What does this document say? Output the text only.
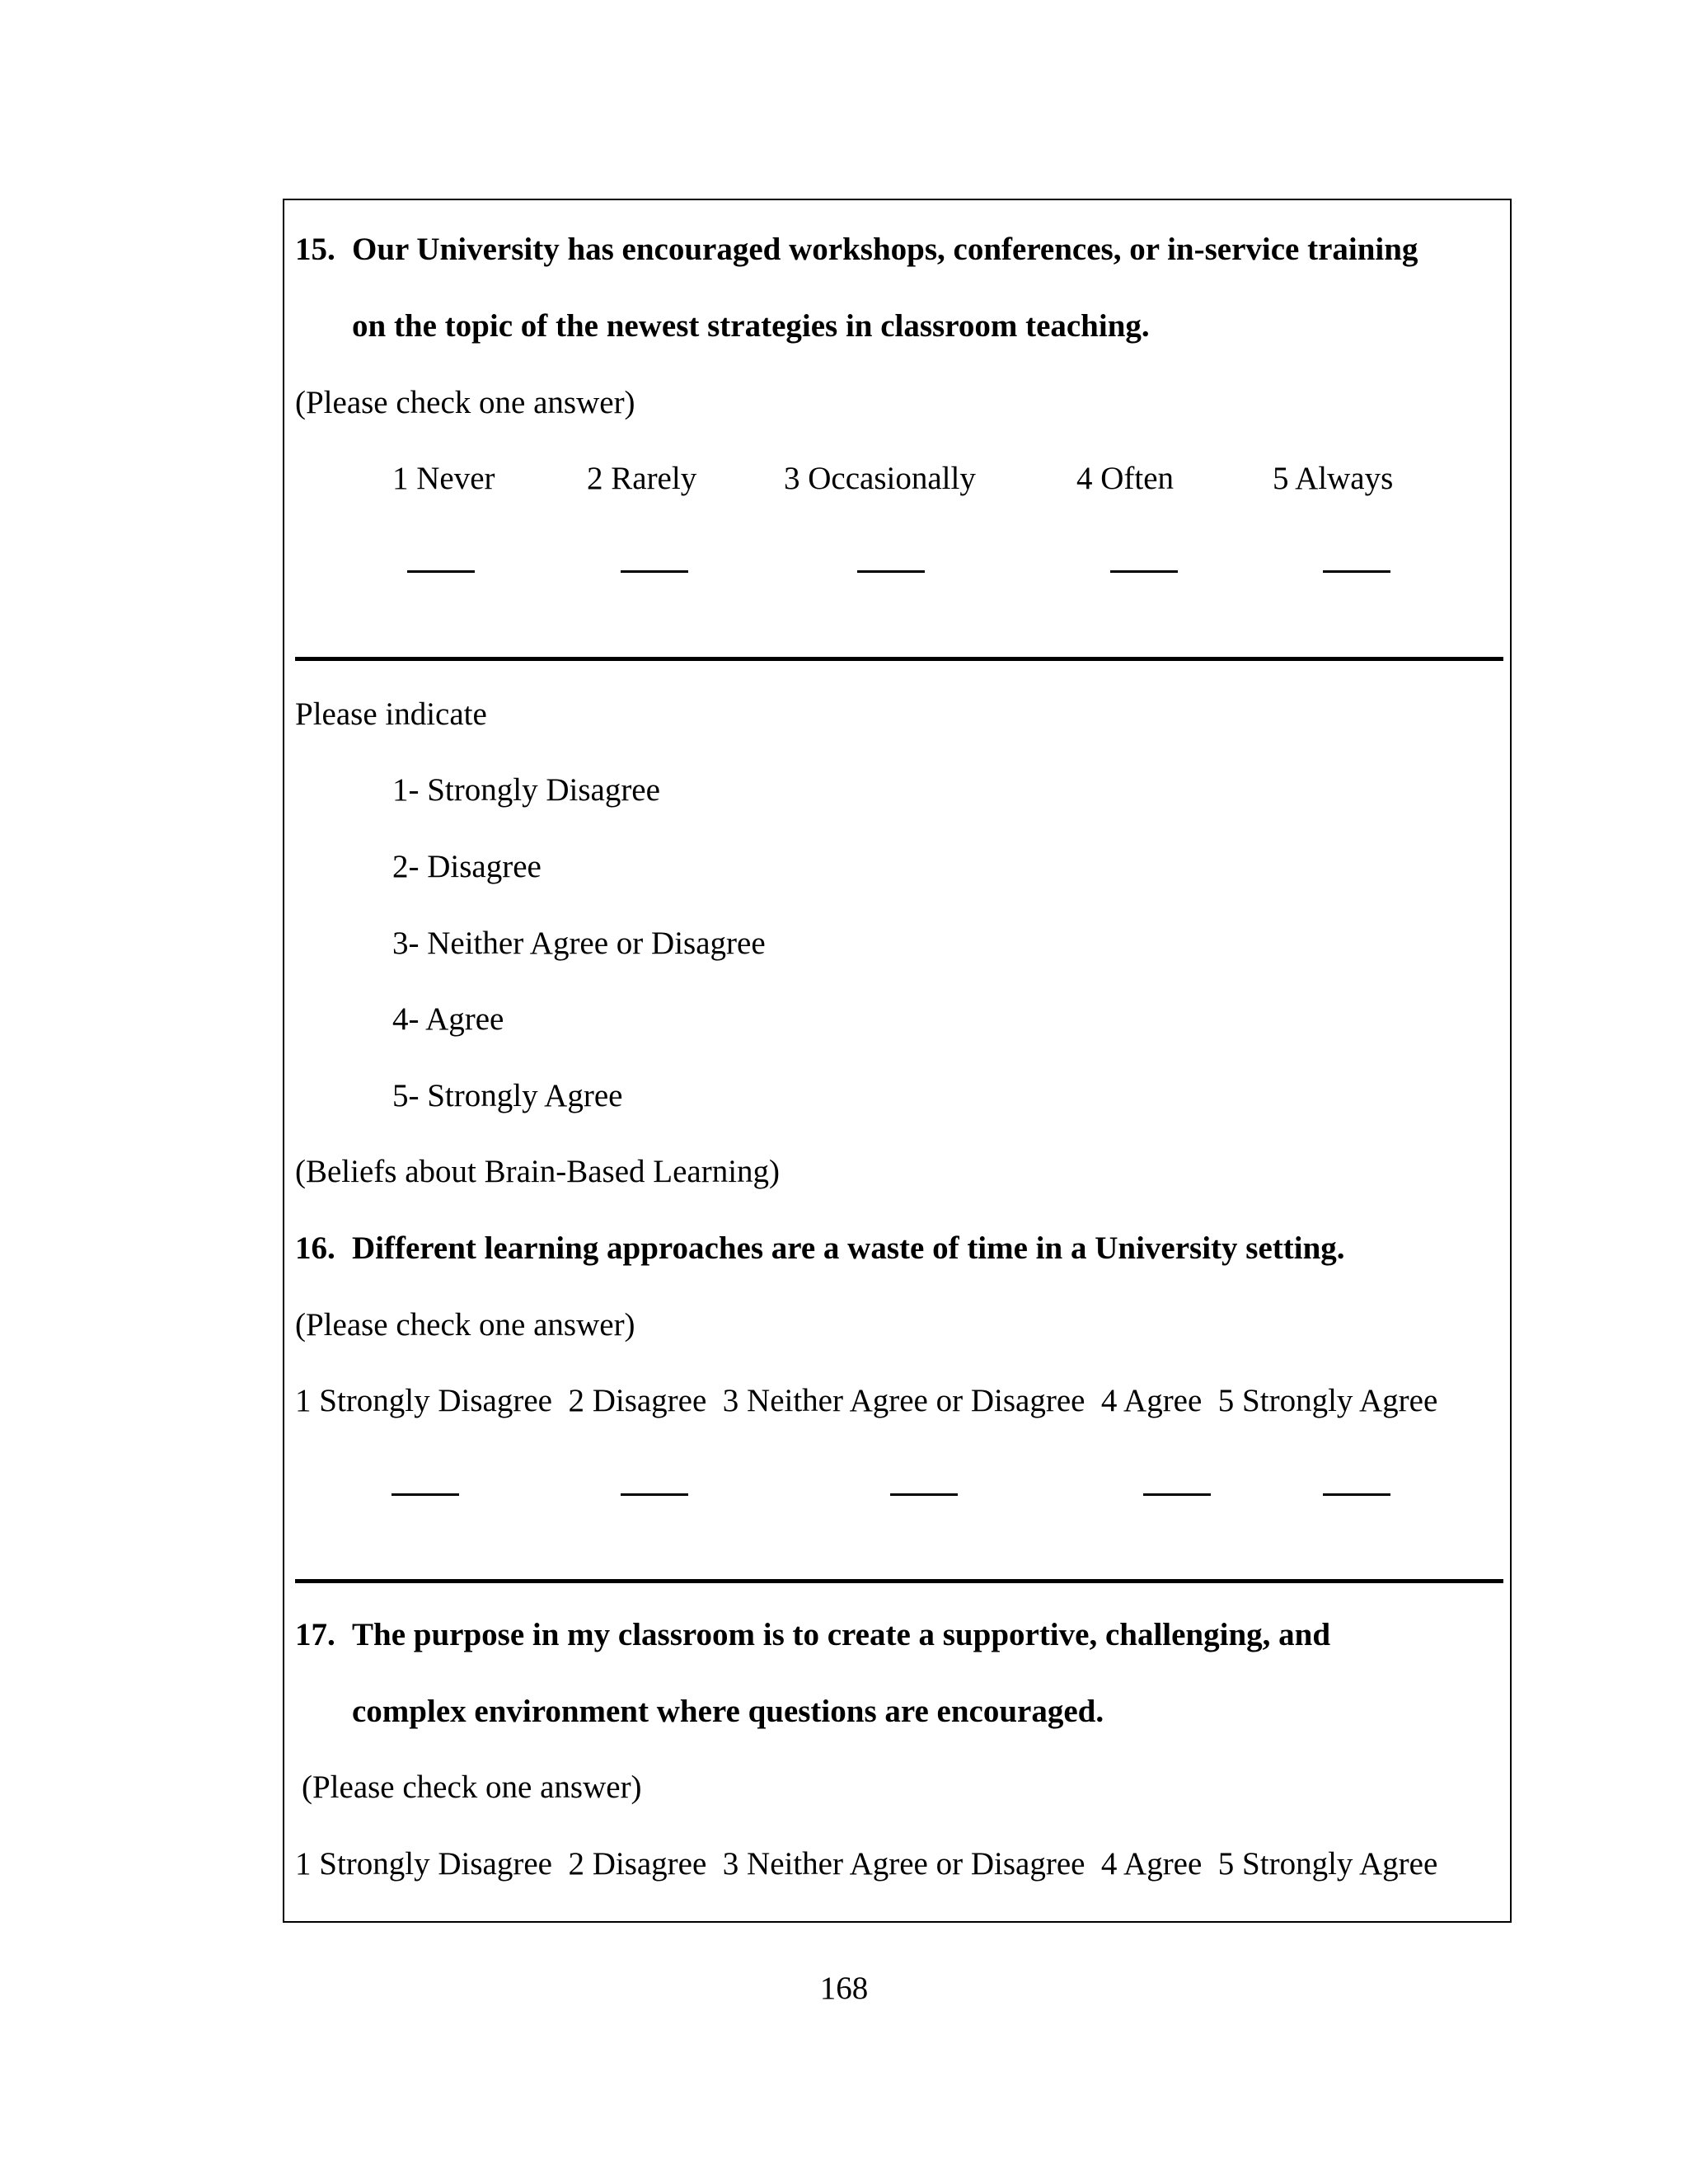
15. Our University has encouraged workshops, conferences, or in-service training
on the topic of the newest strategies in classroom teaching.
(Please check one answer)
1 Never	2 Rarely	3 Occasionally	4 Often	5 Always
Please indicate
1- Strongly Disagree
2- Disagree
3- Neither Agree or Disagree
4- Agree
5- Strongly Agree
(Beliefs about Brain-Based Learning)
16. Different learning approaches are a waste of time in a University setting.
(Please check one answer)
1 Strongly Disagree  2 Disagree  3 Neither Agree or Disagree  4 Agree  5 Strongly Agree
17. The purpose in my classroom is to create a supportive, challenging, and
complex environment where questions are encouraged.
(Please check one answer)
1 Strongly Disagree  2 Disagree  3 Neither Agree or Disagree  4 Agree  5 Strongly Agree
168
